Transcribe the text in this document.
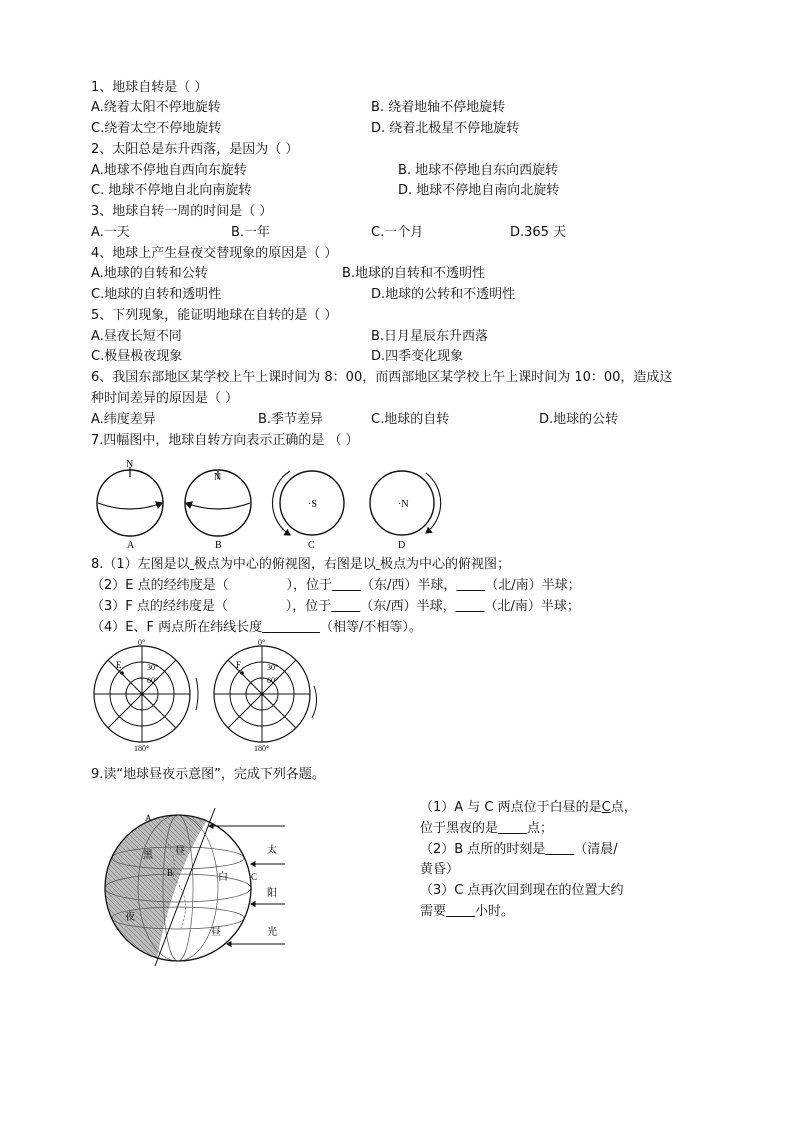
1、地球自转是（ ）
A.绕着太阳不停地旋转	B. 绕着地轴不停地旋转
C.绕着太空不停地旋转	D. 绕着北极星不停地旋转
2、太阳总是东升西落，是因为（ ）
A.地球不停地自西向东旋转	B. 地球不停地自东向西旋转
C. 地球不停地自北向南旋转	D. 地球不停地自南向北旋转
3、地球自转一周的时间是（ ）
A.一天	B.一年	C.一个月	D.365 天
4、地球上产生昼夜交替现象的原因是（ ）
A.地球的自转和公转	B.地球的自转和不透明性
C.地球的自转和透明性	D.地球的公转和不透明性
5、下列现象，能证明地球在自转的是（ ）
A.昼夜长短不同	B.日月星辰东升西落
C.极昼极夜现象	D.四季变化现象
6、我国东部地区某学校上午上课时间为 8：00，而西部地区某学校上午上课时间为 10：00，造成这
种时间差异的原因是（ ）
A.纬度差异	B.季节差异	C.地球的自转	D.地球的公转
7.四幅图中，地球自转方向表示正确的是 （ ）
N
A
N
B
·S
C
·N
D
8.（1）左图是以 极点为中心的俯视图，右图是以 极点为中心的俯视图；
（2）E 点的经纬度是（	），位于 （东/西）半球， （北/南）半球；
（3）F 点的经纬度是（	），位于 （东/西）半球， （北/南）半球；
（4）E、F 两点所在纬线长度	（相等/不相等）。
0°
180°
30°
60°
E
0°
180°
30°
60°
F
9.读“地球昼夜示意图”，完成下列各题。
（1）A 与 C 两点位于白昼的是C点，
位于黑夜的是 点；
（2）B 点所的时刻是 （清晨/
黄昏）
（3）C 点再次回到现在的位置大约
需要 小时。
A
B	C
黑
夜
昼
白
昼
太
阳
光
